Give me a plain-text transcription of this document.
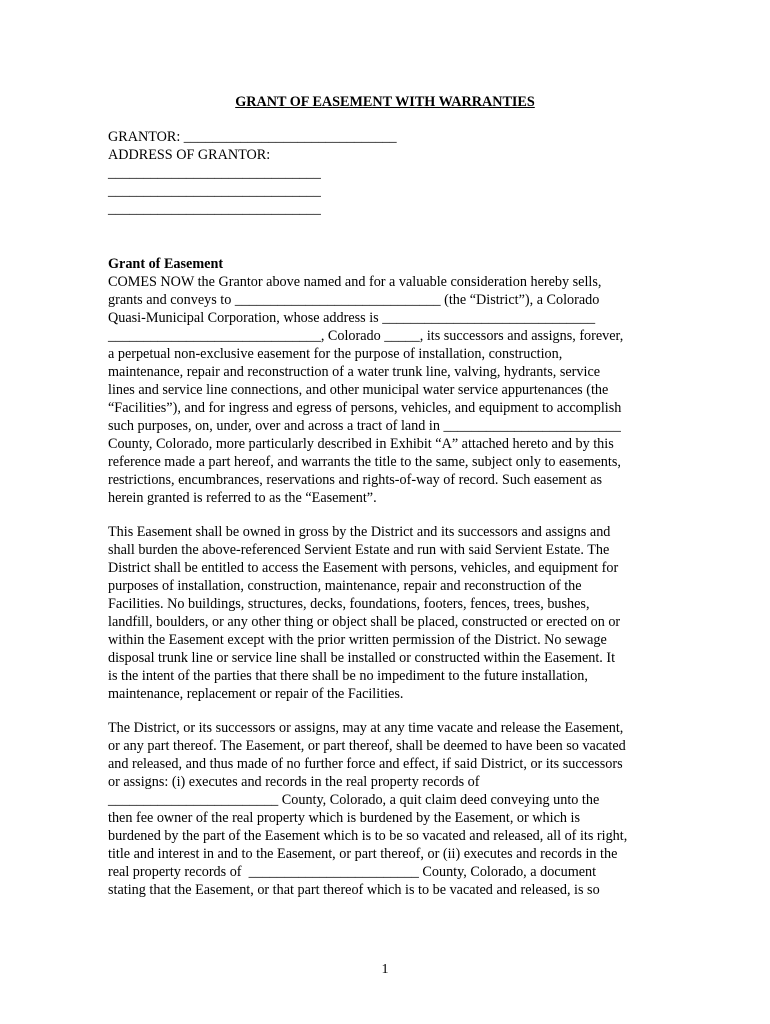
GRANT OF EASEMENT WITH WARRANTIES
GRANTOR: ______________________________
ADDRESS OF GRANTOR:
______________________________
______________________________
______________________________
Grant of Easement
COMES NOW the Grantor above named and for a valuable consideration hereby sells,
grants and conveys to _____________________________ (the “District”), a Colorado
Quasi-Municipal Corporation, whose address is ______________________________
______________________________, Colorado _____, its successors and assigns, forever,
a perpetual non-exclusive easement for the purpose of installation, construction,
maintenance, repair and reconstruction of a water trunk line, valving, hydrants, service
lines and service line connections, and other municipal water service appurtenances (the
“Facilities”), and for ingress and egress of persons, vehicles, and equipment to accomplish
such purposes, on, under, over and across a tract of land in _________________________
County, Colorado, more particularly described in Exhibit “A” attached hereto and by this
reference made a part hereof, and warrants the title to the same, subject only to easements,
restrictions, encumbrances, reservations and rights-of-way of record. Such easement as
herein granted is referred to as the “Easement”.
This Easement shall be owned in gross by the District and its successors and assigns and
shall burden the above-referenced Servient Estate and run with said Servient Estate. The
District shall be entitled to access the Easement with persons, vehicles, and equipment for
purposes of installation, construction, maintenance, repair and reconstruction of the
Facilities. No buildings, structures, decks, foundations, footers, fences, trees, bushes,
landfill, boulders, or any other thing or object shall be placed, constructed or erected on or
within the Easement except with the prior written permission of the District. No sewage
disposal trunk line or service line shall be installed or constructed within the Easement. It
is the intent of the parties that there shall be no impediment to the future installation,
maintenance, replacement or repair of the Facilities.
The District, or its successors or assigns, may at any time vacate and release the Easement,
or any part thereof. The Easement, or part thereof, shall be deemed to have been so vacated
and released, and thus made of no further force and effect, if said District, or its successors
or assigns: (i) executes and records in the real property records of
________________________ County, Colorado, a quit claim deed conveying unto the
then fee owner of the real property which is burdened by the Easement, or which is
burdened by the part of the Easement which is to be so vacated and released, all of its right,
title and interest in and to the Easement, or part thereof, or (ii) executes and records in the
real property records of  ________________________ County, Colorado, a document
stating that the Easement, or that part thereof which is to be vacated and released, is so
1
